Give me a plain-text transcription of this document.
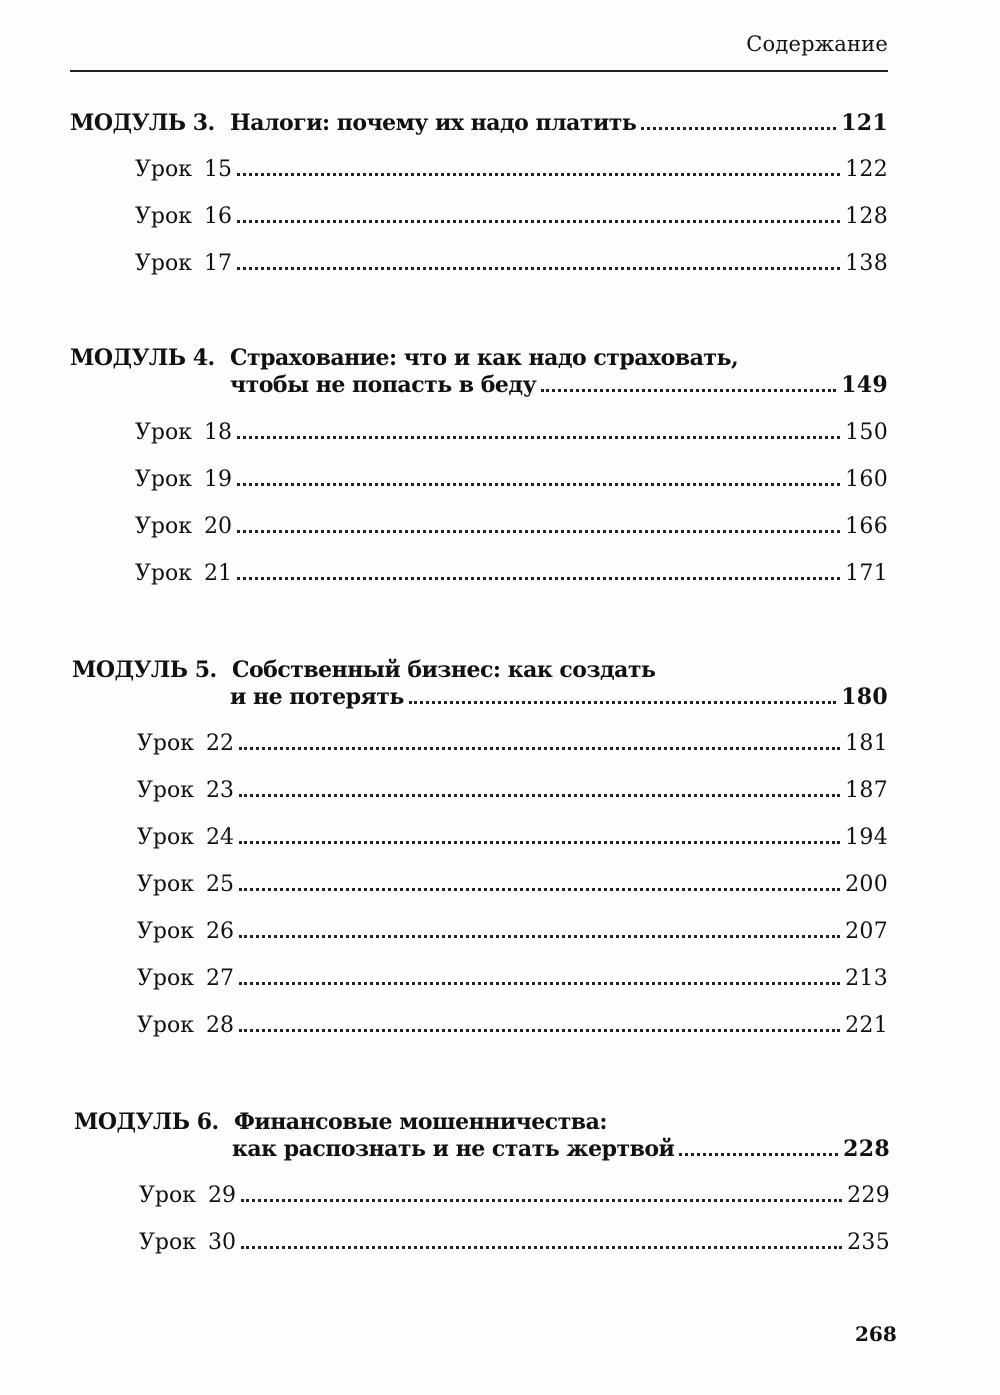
Содержание
МОДУЛЬ 3. Налоги: почему их надо платить	121
Урок 15	122
Урок 16	128
Урок 17	138
МОДУЛЬ 4. Страхование: что и как надо страховать,
чтобы не попасть в беду	149
Урок 18	150
Урок 19	160
Урок 20	166
Урок 21	171
МОДУЛЬ 5. Собственный бизнес: как создать
и не потерять	180
Урок 22	181
Урок 23	187
Урок 24	194
Урок 25	200
Урок 26	207
Урок 27	213
Урок 28	221
МОДУЛЬ 6. Финансовые мошенничества:
как распознать и не стать жертвой	228
Урок 29	229
Урок 30	235
268
